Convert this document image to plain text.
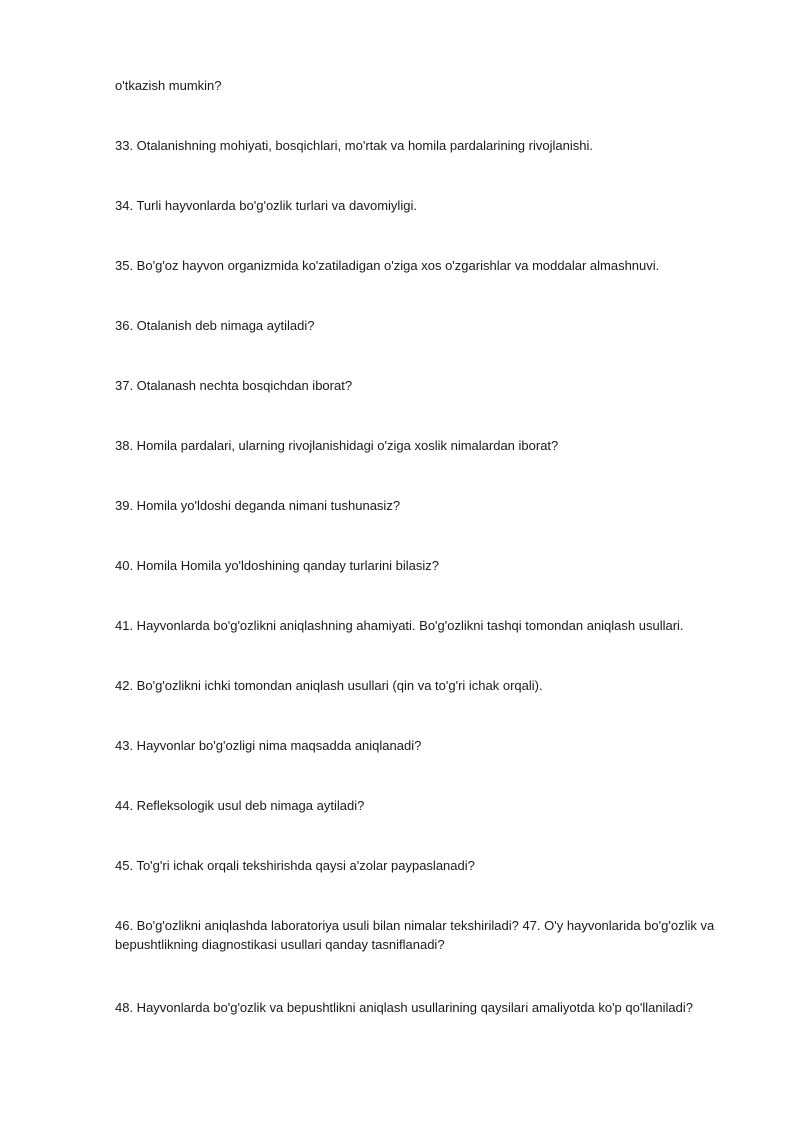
o'tkazish mumkin?

33. Otalanishning mohiyati, bosqichlari, mo'rtak va homila pardalarining rivojlanishi.

34. Turli hayvonlarda bo'g'ozlik turlari va davomiyligi.

35. Bo'g'oz hayvon organizmida ko'zatiladigan o'ziga xos o'zgarishlar va moddalar almashnuvi.

36. Otalanish deb nimaga aytiladi?

37. Otalanash nechta bosqichdan iborat?

38. Homila pardalari, ularning rivojlanishidagi o'ziga xoslik nimalardan iborat?

39. Homila yo'ldoshi deganda nimani tushunasiz?

40. Homila Homila yo'ldoshining qanday turlarini bilasiz?

41. Hayvonlarda bo'g'ozlikni aniqlashning ahamiyati. Bo'g'ozlikni tashqi tomondan aniqlash usullari.

42. Bo'g'ozlikni ichki tomondan aniqlash usullari (qin va to'g'ri ichak orqali).

43. Hayvonlar bo'g'ozligi nima maqsadda aniqlanadi?

44. Refleksologik usul deb nimaga aytiladi?

45. To'g'ri ichak orqali tekshirishda qaysi a'zolar paypaslanadi?

46. Bo'g'ozlikni aniqlashda laboratoriya usuli bilan nimalar tekshiriladi? 47. O'y hayvonlarida bo'g'ozlik va bepushtlikning diagnostikasi usullari qanday tasniflanadi?

48. Hayvonlarda bo'g'ozlik va bepushtlikni aniqlash usullarining qaysilari amaliyotda ko'p qo'llaniladi?
